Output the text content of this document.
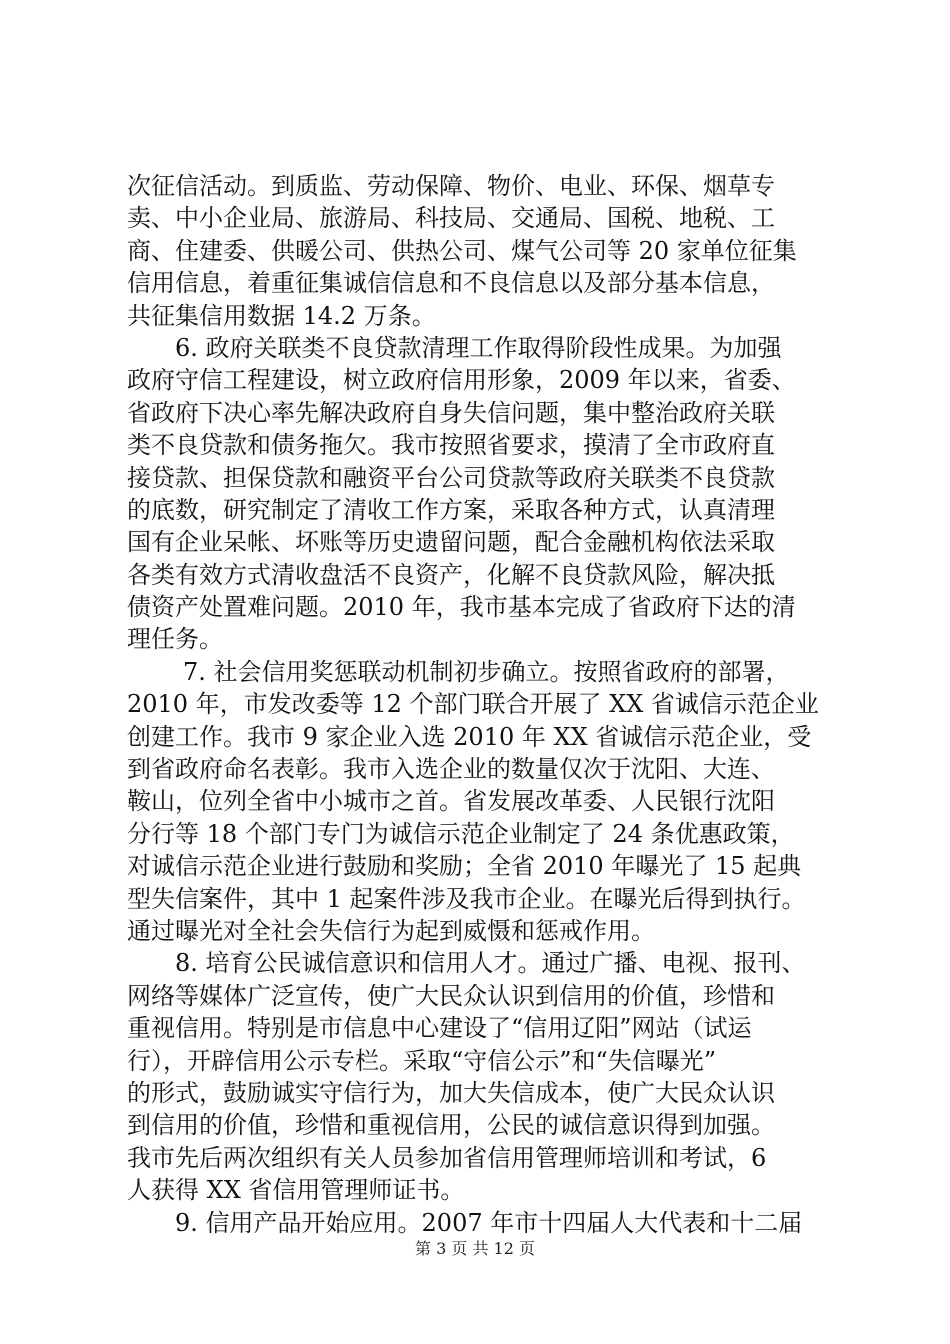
次征信活动。到质监、劳动保障、物价、电业、环保、烟草专
卖、中小企业局、旅游局、科技局、交通局、国税、地税、工
商、住建委、供暖公司、供热公司、煤气公司等 20 家单位征集
信用信息，着重征集诚信信息和不良信息以及部分基本信息，
共征集信用数据 14.2 万条。
6. 政府关联类不良贷款清理工作取得阶段性成果。为加强
政府守信工程建设，树立政府信用形象，2009 年以来，省委、
省政府下决心率先解决政府自身失信问题，集中整治政府关联
类不良贷款和债务拖欠。我市按照省要求，摸清了全市政府直
接贷款、担保贷款和融资平台公司贷款等政府关联类不良贷款
的底数，研究制定了清收工作方案，采取各种方式，认真清理
国有企业呆帐、坏账等历史遗留问题，配合金融机构依法采取
各类有效方式清收盘活不良资产，化解不良贷款风险，解决抵
债资产处置难问题。2010 年，我市基本完成了省政府下达的清
理任务。
7. 社会信用奖惩联动机制初步确立。按照省政府的部署，
2010 年，市发改委等 12 个部门联合开展了 XX 省诚信示范企业
创建工作。我市 9 家企业入选 2010 年 XX 省诚信示范企业，受
到省政府命名表彰。我市入选企业的数量仅次于沈阳、大连、
鞍山，位列全省中小城市之首。省发展改革委、人民银行沈阳
分行等 18 个部门专门为诚信示范企业制定了 24 条优惠政策，
对诚信示范企业进行鼓励和奖励；全省 2010 年曝光了 15 起典
型失信案件，其中 1 起案件涉及我市企业。在曝光后得到执行。
通过曝光对全社会失信行为起到威慑和惩戒作用。
8. 培育公民诚信意识和信用人才。通过广播、电视、报刊、
网络等媒体广泛宣传，使广大民众认识到信用的价值，珍惜和
重视信用。特别是市信息中心建设了“信用辽阳”网站（试运
行），开辟信用公示专栏。采取“守信公示”和“失信曝光”
的形式，鼓励诚实守信行为，加大失信成本，使广大民众认识
到信用的价值，珍惜和重视信用，公民的诚信意识得到加强。
我市先后两次组织有关人员参加省信用管理师培训和考试，6
人获得 XX 省信用管理师证书。
9. 信用产品开始应用。2007 年市十四届人大代表和十二届
第 3 页 共 12 页
